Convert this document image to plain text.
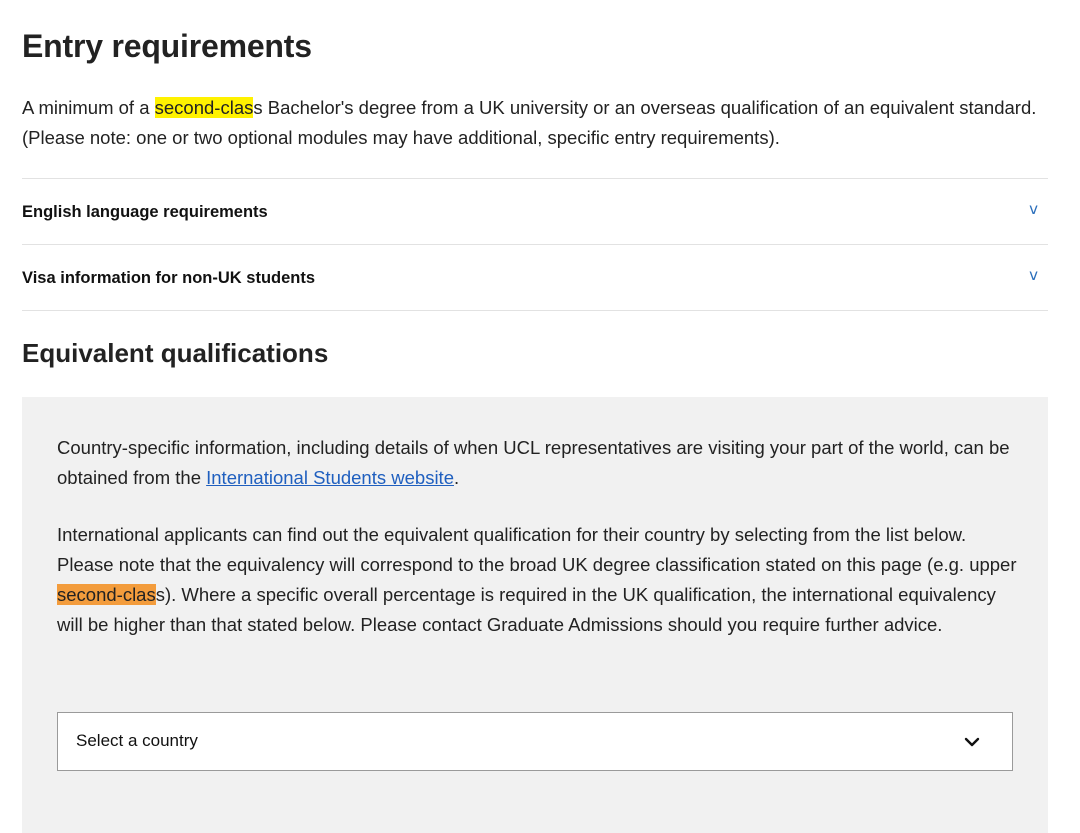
Entry requirements

A minimum of a second-class Bachelor's degree from a UK university or an overseas qualification of an equivalent standard. (Please note: one or two optional modules may have additional, specific entry requirements).

English language requirements	v
Visa information for non-UK students	v
Equivalent qualifications

Country-specific information, including details of when UCL representatives are visiting your part of the world, can be obtained from the International Students website.

International applicants can find out the equivalent qualification for their country by selecting from the list below. Please note that the equivalency will correspond to the broad UK degree classification stated on this page (e.g. upper second-class). Where a specific overall percentage is required in the UK qualification, the international equivalency will be higher than that stated below. Please contact Graduate Admissions should you require further advice.

Select a country
